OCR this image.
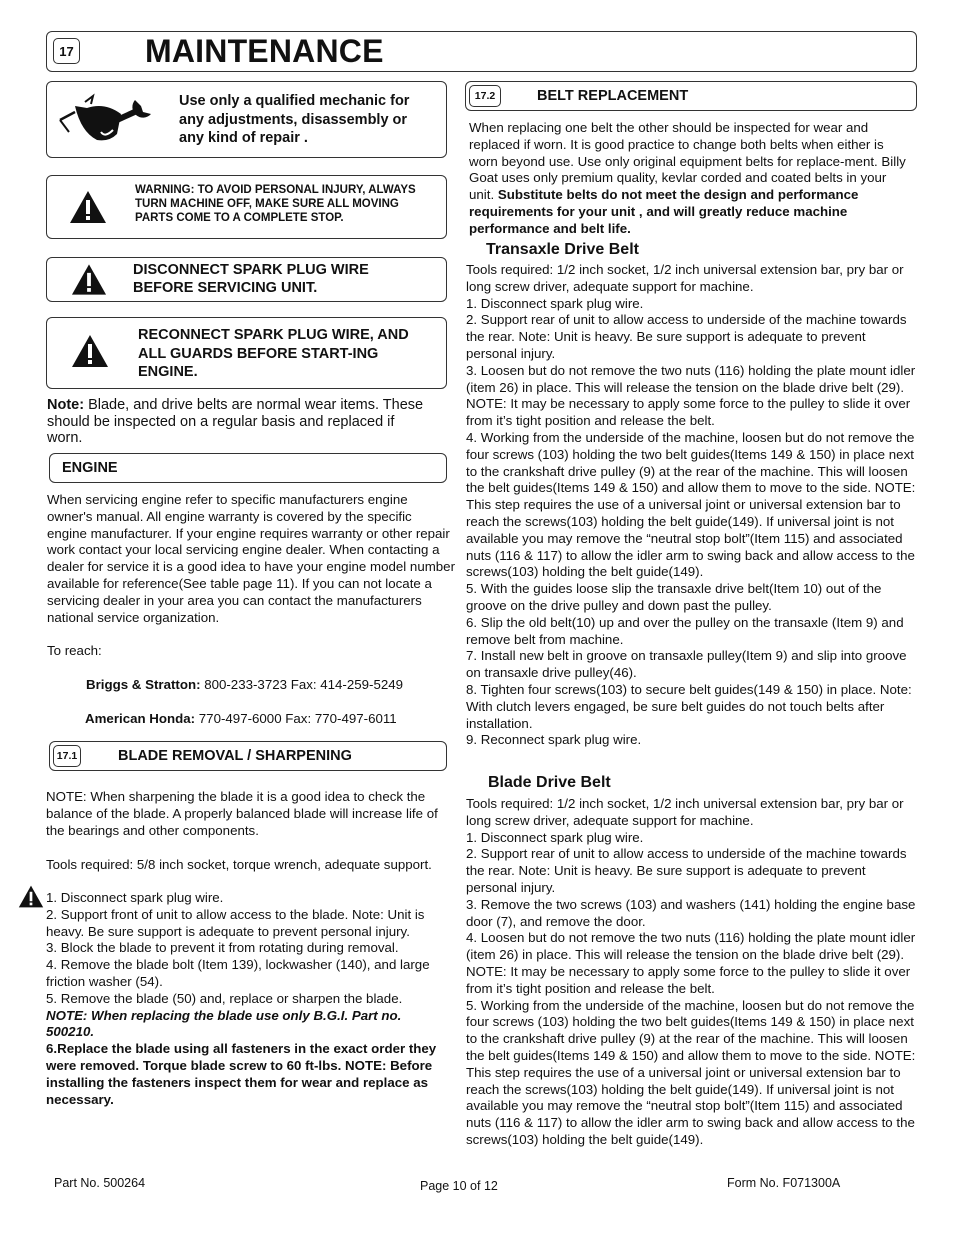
17 MAINTENANCE
Use only a qualified mechanic for any adjustments, disassembly or any kind of repair .
WARNING: TO AVOID PERSONAL INJURY, ALWAYS TURN MACHINE OFF, MAKE SURE ALL MOVING PARTS COME TO A COMPLETE STOP.
DISCONNECT SPARK PLUG WIRE BEFORE SERVICING UNIT.
RECONNECT SPARK PLUG WIRE, AND ALL GUARDS BEFORE START-ING ENGINE.
Note: Blade, and drive belts are normal wear items. These should be inspected on a regular basis and replaced if worn.
ENGINE
When servicing engine refer to specific manufacturers engine owner's manual. All engine warranty is covered by the specific engine manufacturer. If your engine requires warranty or other repair work contact your local servicing engine dealer. When contacting a dealer for service it is a good idea to have your engine model number available for reference(See table page 11). If you can not locate a servicing dealer in your area you can contact the manufacturers national service organization.
To reach:
Briggs & Stratton: 800-233-3723 Fax: 414-259-5249
American Honda: 770-497-6000 Fax: 770-497-6011
17.1	BLADE REMOVAL / SHARPENING
NOTE: When sharpening the blade it is a good idea to check the balance of the blade. A properly balanced blade will increase life of the bearings and other components.
Tools required: 5/8 inch socket, torque wrench, adequate support.

1. Disconnect spark plug wire.

2. Support front of unit to allow access to the blade. Note: Unit is heavy. Be sure support is adequate to prevent personal injury.

3. Block the blade to prevent it from rotating during removal.

4. Remove the blade bolt (Item 139), lockwasher (140), and large friction washer (54).

5. Remove the blade (50) and, replace or sharpen the blade.

NOTE: When replacing the blade use only B.G.I. Part no. 500210.

6.Replace the blade using all fasteners in the exact order they were removed. Torque blade screw to 60 ft-lbs. NOTE: Before installing the fasteners inspect them for wear and replace as necessary.

17.2	BELT REPLACEMENT
When replacing one belt the other should be inspected for wear and replaced if worn. It is good practice to change both belts when either is worn beyond use. Use only original equipment belts for replace-ment. Billy Goat uses only premium quality, kevlar corded and coated belts in your unit. Substitute belts do not meet the design and performance requirements for your unit , and will greatly reduce machine performance and belt life.
Transaxle Drive Belt
Tools required: 1/2 inch socket, 1/2 inch universal extension bar, pry bar or long screw driver, adequate support for machine.
1. Disconnect spark plug wire.
2. Support rear of unit to allow access to underside of the machine towards the rear. Note: Unit is heavy. Be sure support is adequate to prevent personal injury.
3. Loosen but do not remove the two nuts (116) holding the plate mount idler (item 26) in place. This will release the tension on the blade drive belt (29). NOTE: It may be necessary to apply some force to the pulley to slide it over from it’s tight position and release the belt.
4. Working from the underside of the machine, loosen but do not remove the four screws (103) holding the two belt guides(Items 149 & 150) in place next to the crankshaft drive pulley (9) at the rear of the machine. This will loosen the belt guides(Items 149 & 150) and allow them to move to the side. NOTE: This step requires the use of a universal joint or universal extension bar to reach the screws(103) holding the belt guide(149). If universal joint is not available you may remove the “neutral stop bolt”(Item 115) and associated nuts (116 & 117) to allow the idler arm to swing back and allow access to the screws(103) holding the belt guide(149).
5. With the guides loose slip the transaxle drive belt(Item 10) out of the groove on the drive pulley and down past the pulley.
6. Slip the old belt(10) up and over the pulley on the transaxle (Item 9) and remove belt from machine.
7. Install new belt in groove on transaxle pulley(Item 9) and slip into groove on transaxle drive pulley(46).
8. Tighten four screws(103) to secure belt guides(149 & 150) in place. Note: With clutch levers engaged, be sure belt guides do not touch belts after installation.
9. Reconnect spark plug wire.
Blade Drive Belt
Tools required: 1/2 inch socket, 1/2 inch universal extension bar, pry bar or long screw driver, adequate support for machine.
1. Disconnect spark plug wire.
2. Support rear of unit to allow access to underside of the machine towards the rear. Note: Unit is heavy. Be sure support is adequate to prevent personal injury.
3. Remove the two screws (103) and washers (141) holding the engine base door (7), and remove the door.
4. Loosen but do not remove the two nuts (116) holding the plate mount idler (item 26) in place. This will release the tension on the blade drive belt (29). NOTE: It may be necessary to apply some force to the pulley to slide it over from it’s tight position and release the belt.
5. Working from the underside of the machine, loosen but do not remove the four screws (103) holding the two belt guides(Items 149 & 150) in place next to the crankshaft drive pulley (9) at the rear of the machine. This will loosen the belt guides(Items 149 & 150) and allow them to move to the side. NOTE: This step requires the use of a universal joint or universal extension bar to reach the screws(103) holding the belt guide(149). If universal joint is not available you may remove the “neutral stop bolt”(Item 115) and associated nuts (116 & 117) to allow the idler arm to swing back and allow access to the screws(103) holding the belt guide(149).
Part No. 500264	Page 10 of 12	Form No. F071300A
